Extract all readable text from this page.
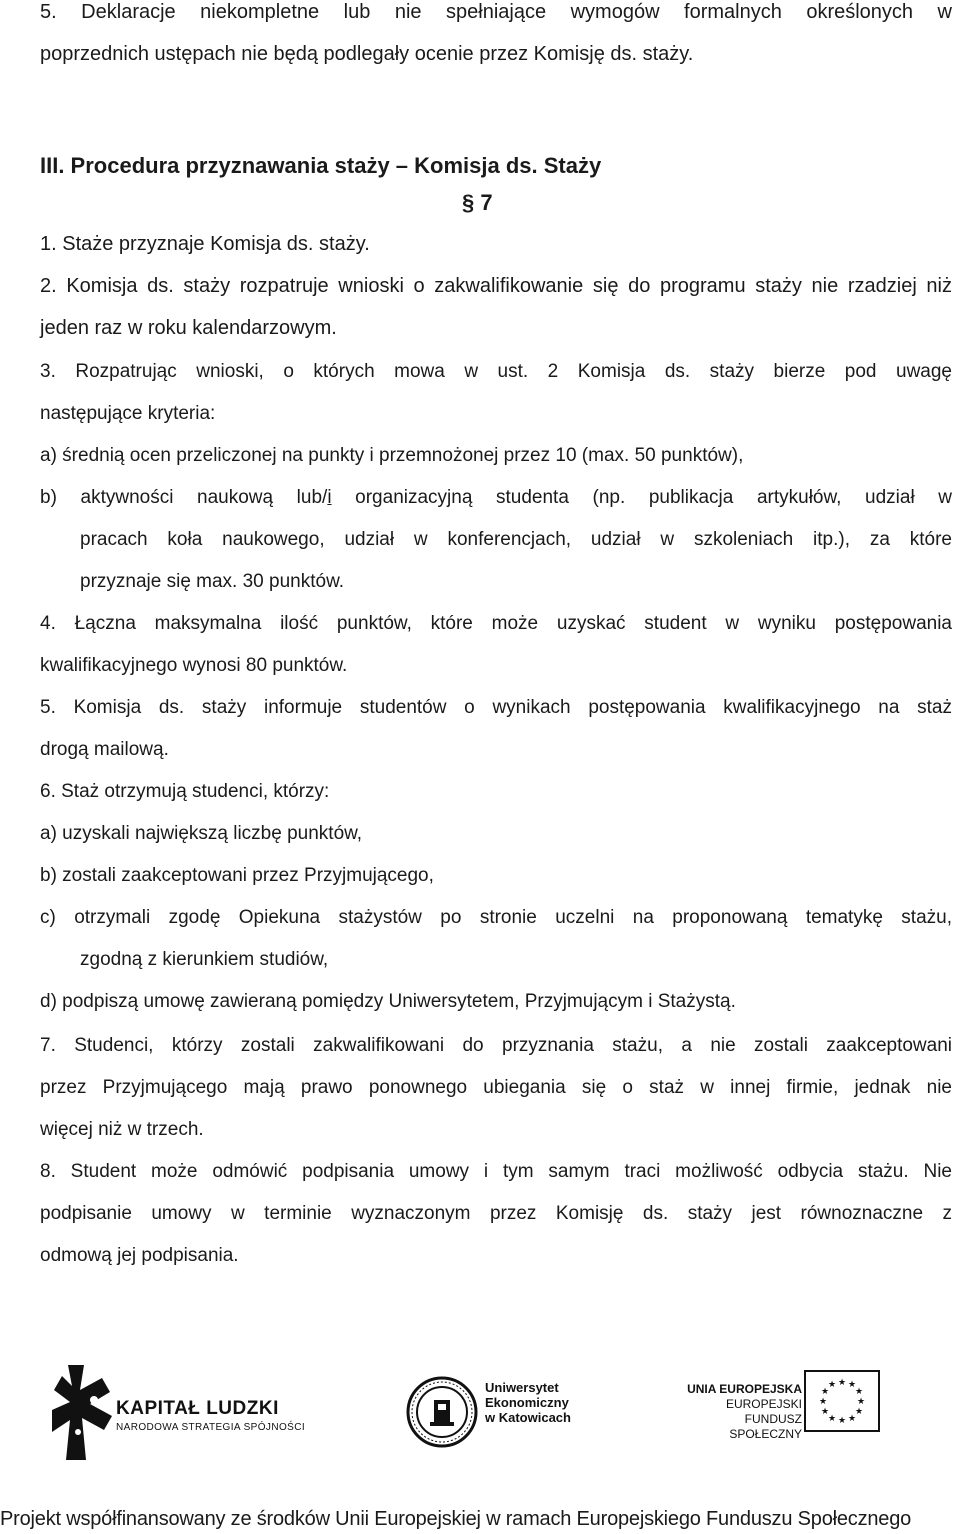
5. Deklaracje niekompletne lub nie spełniające wymogów formalnych określonych w
poprzednich ustępach nie będą podlegały ocenie przez Komisję ds. staży.
III. Procedura przyznawania staży – Komisja ds. Staży
§ 7
1. Staże przyznaje Komisja ds. staży.
2. Komisja ds. staży rozpatruje wnioski o zakwalifikowanie się do programu staży nie rzadziej niż
jeden raz w roku kalendarzowym.
3. Rozpatrując wnioski, o których mowa w ust. 2 Komisja ds. staży bierze pod uwagę
następujące kryteria:
a) średnią ocen przeliczonej na punkty i przemnożonej przez 10 (max. 50 punktów),
b) aktywności naukową lub/i organizacyjną studenta (np. publikacja artykułów, udział w
pracach koła naukowego, udział w konferencjach, udział w szkoleniach itp.), za które
przyznaje się max. 30 punktów.
4. Łączna maksymalna ilość punktów, które może uzyskać student w wyniku postępowania
kwalifikacyjnego wynosi 80 punktów.
5. Komisja ds. staży informuje studentów o wynikach postępowania kwalifikacyjnego na staż
drogą mailową.
6. Staż otrzymują studenci, którzy:
a) uzyskali największą liczbę punktów,
b) zostali zaakceptowani przez Przyjmującego,
c) otrzymali zgodę Opiekuna stażystów po stronie uczelni na proponowaną tematykę stażu,
zgodną z kierunkiem studiów,
d) podpiszą umowę zawieraną pomiędzy Uniwersytetem, Przyjmującym i Stażystą.
7. Studenci, którzy zostali zakwalifikowani do przyznania stażu, a nie zostali zaakceptowani
przez Przyjmującego mają prawo ponownego ubiegania się o staż w innej firmie, jednak nie
więcej niż w trzech.
8. Student może odmówić podpisania umowy i tym samym traci możliwość odbycia stażu. Nie
podpisanie umowy w terminie wyznaczonym przez Komisję ds. staży jest równoznaczne z
odmową jej podpisania.
KAPITAŁ LUDZKI
NARODOWA STRATEGIA SPÓJNOŚCI
Uniwersytet
Ekonomiczny
w Katowicach
UNIA EUROPEJSKA
EUROPEJSKI
FUNDUSZ SPOŁECZNY
★ ★
★
★
★
★
★
★
★
★
★
★
Projekt współfinansowany ze środków Unii Europejskiej w ramach Europejskiego Funduszu Społecznego
